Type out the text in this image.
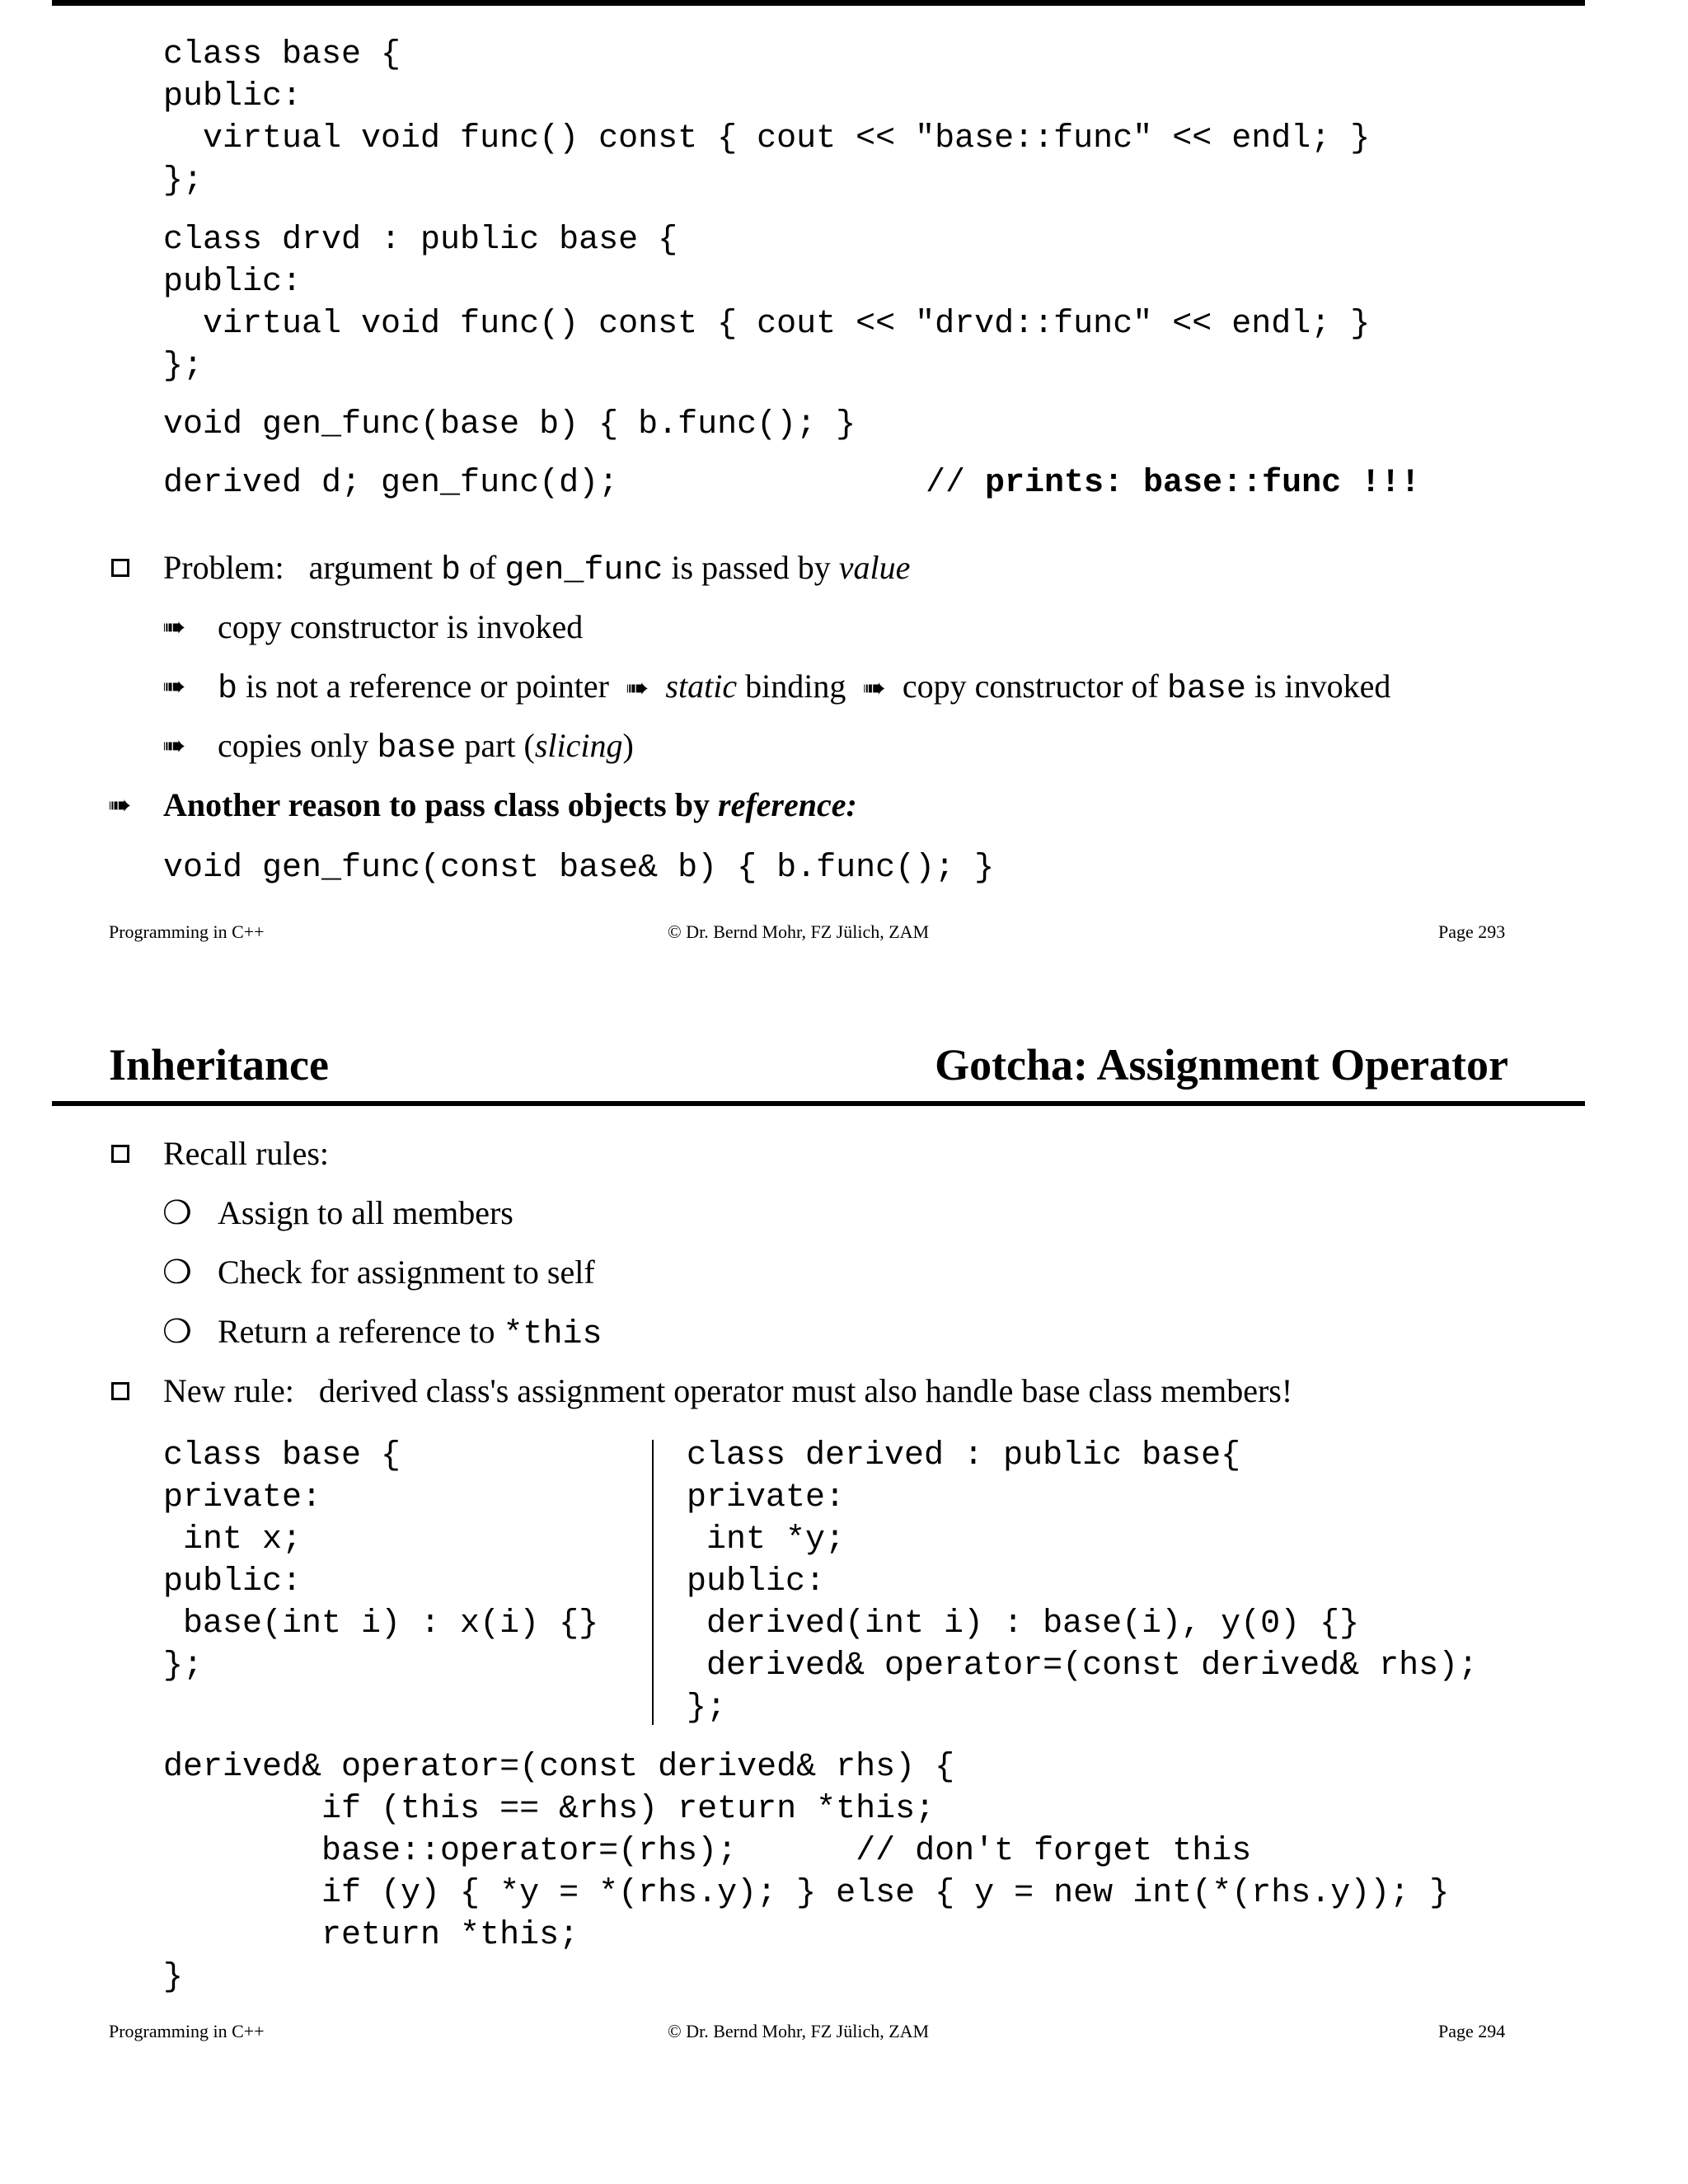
class base {
public:
virtual void func() const { cout << "base::func" << endl; }
};
class drvd : public base {
public:
virtual void func() const { cout << "drvd::func" << endl; }
};
void gen_func(base b) { b.func(); }
derived d; gen_func(d);	// prints: base::func !!!
Problem: argument b of gen_func is passed by value
➠ copy constructor is invoked
➠ b is not a reference or pointer ➠ static binding ➠ copy constructor of base is invoked
➠ copies only base part (slicing)
➠ Another reason to pass class objects by reference:
void gen_func(const base& b) { b.func(); }
Programming in C++	© Dr. Bernd Mohr, FZ Jülich, ZAM	Page 293
Inheritance	Gotcha: Assignment Operator
Recall rules:
❍ Assign to all members
❍ Check for assignment to self
❍ Return a reference to *this
New rule: derived class's assignment operator must also handle base class members!
class base {
private:
int x;
public:
base(int i) : x(i) {}
};
class derived : public base{
private:
int *y;
public:
derived(int i) : base(i), y(0) {}
derived& operator=(const derived& rhs);
};
derived& operator=(const derived& rhs) {
if (this == &rhs) return *this;
base::operator=(rhs);      // don't forget this
if (y) { *y = *(rhs.y); } else { y = new int(*(rhs.y)); }
return *this;
}
Programming in C++	© Dr. Bernd Mohr, FZ Jülich, ZAM	Page 294
